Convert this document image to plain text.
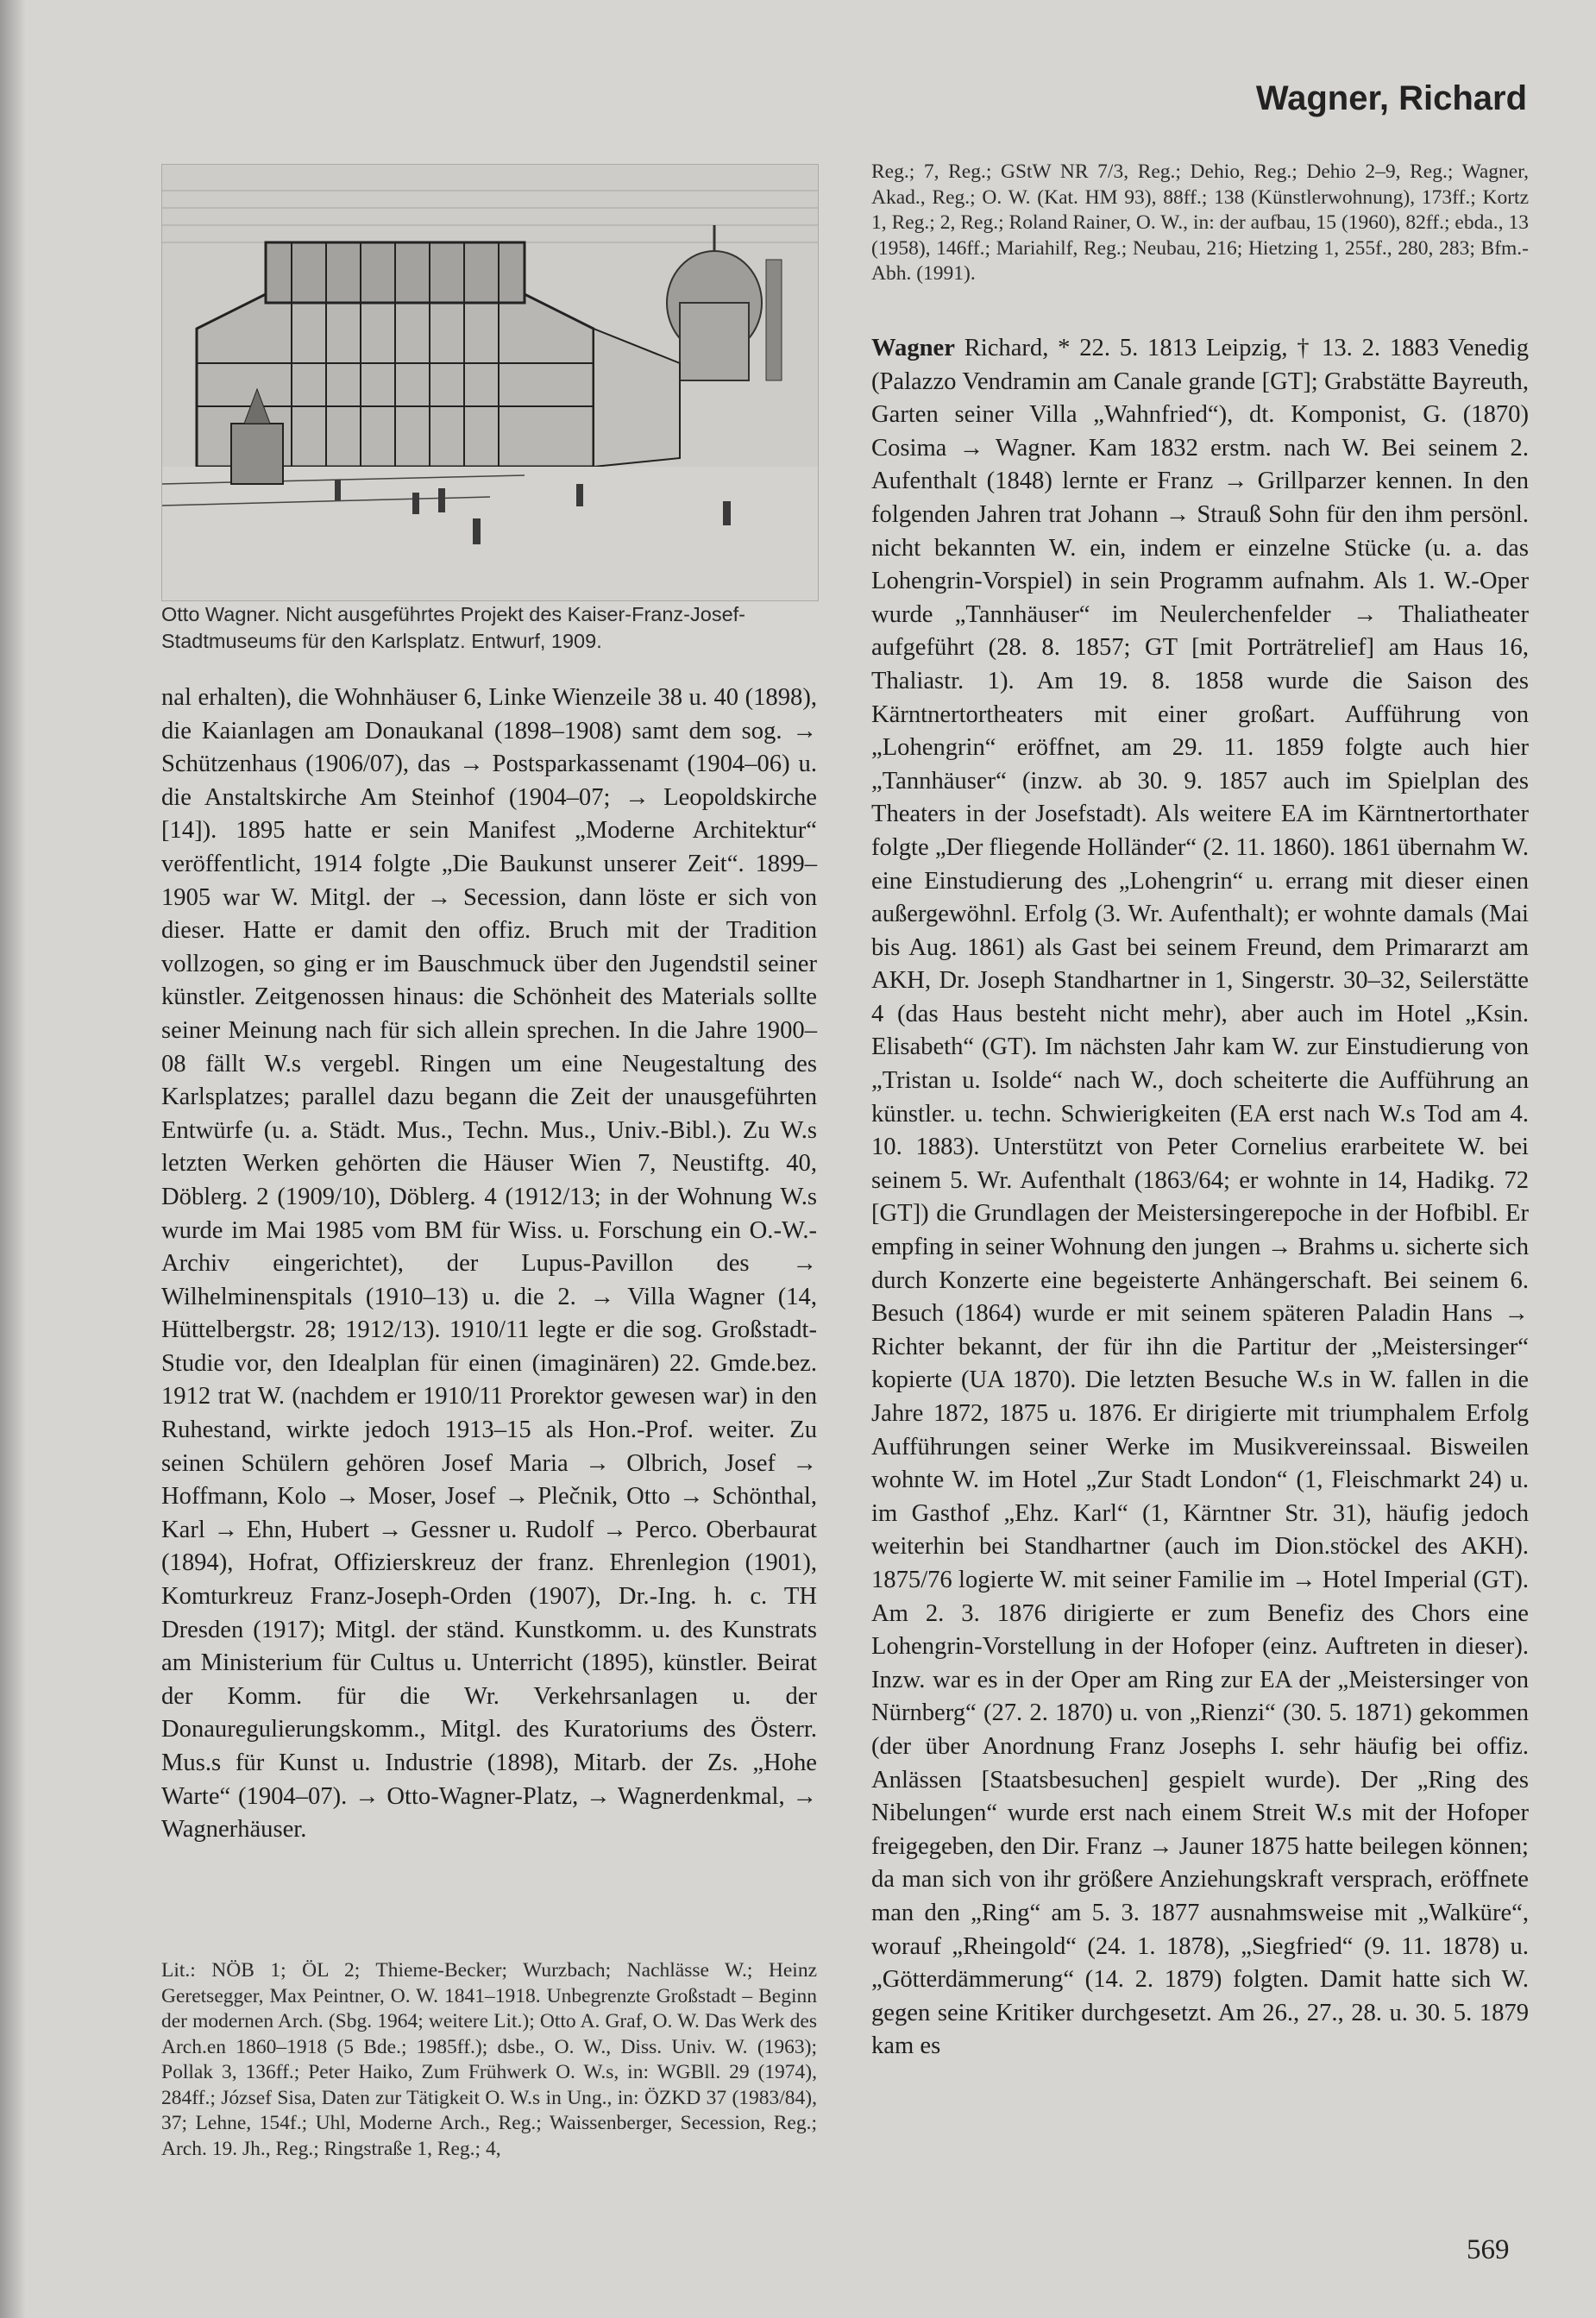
Wagner, Richard
Otto Wagner. Nicht ausgeführtes Projekt des Kaiser-Franz-Josef-Stadtmuseums für den Karlsplatz. Entwurf, 1909.

nal erhalten), die Wohnhäuser 6, Linke Wienzeile 38 u. 40 (1898), die Kaianlagen am Donaukanal (1898–1908) samt dem sog. → Schützenhaus (1906/07), das → Postsparkassenamt (1904–06) u. die Anstaltskirche Am Steinhof (1904–07; → Leopoldskirche [14]). 1895 hatte er sein Manifest „Moderne Architektur“ veröffentlicht, 1914 folgte „Die Baukunst unserer Zeit“. 1899–1905 war W. Mitgl. der → Secession, dann löste er sich von dieser. Hatte er damit den offiz. Bruch mit der Tradition vollzogen, so ging er im Bauschmuck über den Jugendstil seiner künstler. Zeitgenossen hinaus: die Schönheit des Materials sollte seiner Meinung nach für sich allein sprechen. In die Jahre 1900–08 fällt W.s vergebl. Ringen um eine Neugestaltung des Karlsplatzes; parallel dazu begann die Zeit der unausgeführten Entwürfe (u. a. Städt. Mus., Techn. Mus., Univ.-Bibl.). Zu W.s letzten Werken gehörten die Häuser Wien 7, Neustiftg. 40, Döblerg. 2 (1909/10), Döblerg. 4 (1912/13; in der Wohnung W.s wurde im Mai 1985 vom BM für Wiss. u. Forschung ein O.-W.-Archiv eingerichtet), der Lupus-Pavillon des → Wilhelminenspitals (1910–13) u. die 2. → Villa Wagner (14, Hüttelbergstr. 28; 1912/13). 1910/11 legte er die sog. Großstadt-Studie vor, den Idealplan für einen (imaginären) 22. Gmde.bez. 1912 trat W. (nachdem er 1910/11 Prorektor gewesen war) in den Ruhestand, wirkte jedoch 1913–15 als Hon.-Prof. weiter. Zu seinen Schülern gehören Josef Maria → Olbrich, Josef → Hoffmann, Kolo → Moser, Josef → Plečnik, Otto → Schönthal, Karl → Ehn, Hubert → Gessner u. Rudolf → Perco. Oberbaurat (1894), Hofrat, Offizierskreuz der franz. Ehrenlegion (1901), Komturkreuz Franz-Joseph-Orden (1907), Dr.-Ing. h. c. TH Dresden (1917); Mitgl. der ständ. Kunstkomm. u. des Kunstrats am Ministerium für Cultus u. Unterricht (1895), künstler. Beirat der Komm. für die Wr. Verkehrsanlagen u. der Donauregulierungskomm., Mitgl. des Kuratoriums des Österr. Mus.s für Kunst u. Industrie (1898), Mitarb. der Zs. „Hohe Warte“ (1904–07). → Otto-Wagner-Platz, → Wagnerdenkmal, → Wagnerhäuser.

Lit.: NÖB 1; ÖL 2; Thieme-Becker; Wurzbach; Nachlässe W.; Heinz Geretsegger, Max Peintner, O. W. 1841–1918. Unbegrenzte Großstadt – Beginn der modernen Arch. (Sbg. 1964; weitere Lit.); Otto A. Graf, O. W. Das Werk des Arch.en 1860–1918 (5 Bde.; 1985ff.); dsbe., O. W., Diss. Univ. W. (1963); Pollak 3, 136ff.; Peter Haiko, Zum Frühwerk O. W.s, in: WGBll. 29 (1974), 284ff.; József Sisa, Daten zur Tätigkeit O. W.s in Ung., in: ÖZKD 37 (1983/84), 37; Lehne, 154f.; Uhl, Moderne Arch., Reg.; Waissenberger, Secession, Reg.; Arch. 19. Jh., Reg.; Ringstraße 1, Reg.; 4,
Reg.; 7, Reg.; GStW NR 7/3, Reg.; Dehio, Reg.; Dehio 2–9, Reg.; Wagner, Akad., Reg.; O. W. (Kat. HM 93), 88ff.; 138 (Künstlerwohnung), 173ff.; Kortz 1, Reg.; 2, Reg.; Roland Rainer, O. W., in: der aufbau, 15 (1960), 82ff.; ebda., 13 (1958), 146ff.; Mariahilf, Reg.; Neubau, 216; Hietzing 1, 255f., 280, 283; Bfm.-Abh. (1991).
Wagner Richard, * 22. 5. 1813 Leipzig, † 13. 2. 1883 Venedig (Palazzo Vendramin am Canale grande [GT]; Grabstätte Bayreuth, Garten seiner Villa „Wahnfried“), dt. Komponist, G. (1870) Cosima → Wagner. Kam 1832 erstm. nach W. Bei seinem 2. Aufenthalt (1848) lernte er Franz → Grillparzer kennen. In den folgenden Jahren trat Johann → Strauß Sohn für den ihm persönl. nicht bekannten W. ein, indem er einzelne Stücke (u. a. das Lohengrin-Vorspiel) in sein Programm aufnahm. Als 1. W.-Oper wurde „Tannhäuser“ im Neulerchenfelder → Thaliatheater aufgeführt (28. 8. 1857; GT [mit Porträtrelief] am Haus 16, Thaliastr. 1). Am 19. 8. 1858 wurde die Saison des Kärntnertortheaters mit einer großart. Aufführung von „Lohengrin“ eröffnet, am 29. 11. 1859 folgte auch hier „Tannhäuser“ (inzw. ab 30. 9. 1857 auch im Spielplan des Theaters in der Josefstadt). Als weitere EA im Kärntnertorthater folgte „Der fliegende Holländer“ (2. 11. 1860). 1861 übernahm W. eine Einstudierung des „Lohengrin“ u. errang mit dieser einen außergewöhnl. Erfolg (3. Wr. Aufenthalt); er wohnte damals (Mai bis Aug. 1861) als Gast bei seinem Freund, dem Primararzt am AKH, Dr. Joseph Standhartner in 1, Singerstr. 30–32, Seilerstätte 4 (das Haus besteht nicht mehr), aber auch im Hotel „Ksin. Elisabeth“ (GT). Im nächsten Jahr kam W. zur Einstudierung von „Tristan u. Isolde“ nach W., doch scheiterte die Aufführung an künstler. u. techn. Schwierigkeiten (EA erst nach W.s Tod am 4. 10. 1883). Unterstützt von Peter Cornelius erarbeitete W. bei seinem 5. Wr. Aufenthalt (1863/64; er wohnte in 14, Hadikg. 72 [GT]) die Grundlagen der Meistersingerepoche in der Hofbibl. Er empfing in seiner Wohnung den jungen → Brahms u. sicherte sich durch Konzerte eine begeisterte Anhängerschaft. Bei seinem 6. Besuch (1864) wurde er mit seinem späteren Paladin Hans → Richter bekannt, der für ihn die Partitur der „Meistersinger“ kopierte (UA 1870). Die letzten Besuche W.s in W. fallen in die Jahre 1872, 1875 u. 1876. Er dirigierte mit triumphalem Erfolg Aufführungen seiner Werke im Musikvereinssaal. Bisweilen wohnte W. im Hotel „Zur Stadt London“ (1, Fleischmarkt 24) u. im Gasthof „Ehz. Karl“ (1, Kärntner Str. 31), häufig jedoch weiterhin bei Standhartner (auch im Dion.stöckel des AKH). 1875/76 logierte W. mit seiner Familie im → Hotel Imperial (GT). Am 2. 3. 1876 dirigierte er zum Benefiz des Chors eine Lohengrin-Vorstellung in der Hofoper (einz. Auftreten in dieser). Inzw. war es in der Oper am Ring zur EA der „Meistersinger von Nürnberg“ (27. 2. 1870) u. von „Rienzi“ (30. 5. 1871) gekommen (der über Anordnung Franz Josephs I. sehr häufig bei offiz. Anlässen [Staatsbesuchen] gespielt wurde). Der „Ring des Nibelungen“ wurde erst nach einem Streit W.s mit der Hofoper freigegeben, den Dir. Franz → Jauner 1875 hatte beilegen können; da man sich von ihr größere Anziehungskraft versprach, eröffnete man den „Ring“ am 5. 3. 1877 ausnahmsweise mit „Walküre“, worauf „Rheingold“ (24. 1. 1878), „Siegfried“ (9. 11. 1878) u. „Götterdämmerung“ (14. 2. 1879) folgten. Damit hatte sich W. gegen seine Kritiker durchgesetzt. Am 26., 27., 28. u. 30. 5. 1879 kam es
569
